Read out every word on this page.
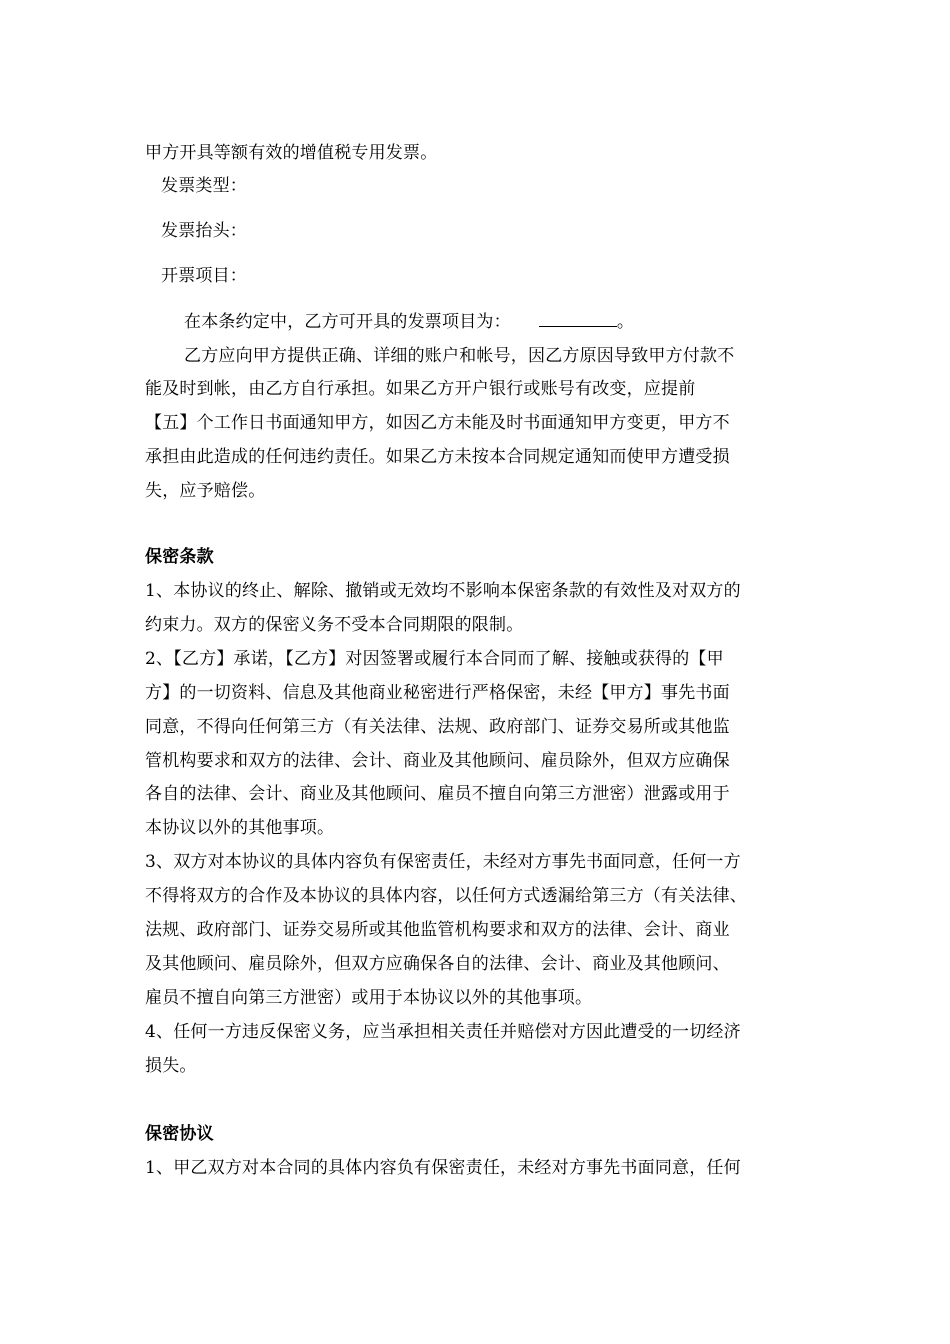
甲方开具等额有效的增值税专用发票。
发票类型：
发票抬头：
开票项目：
在本条约定中，乙方可开具的发票项目为：	。
乙方应向甲方提供正确、详细的账户和帐号，因乙方原因导致甲方付款不
能及时到帐，由乙方自行承担。如果乙方开户银行或账号有改变，应提前
【五】个工作日书面通知甲方，如因乙方未能及时书面通知甲方变更，甲方不
承担由此造成的任何违约责任。如果乙方未按本合同规定通知而使甲方遭受损
失，应予赔偿。
保密条款
1、本协议的终止、解除、撤销或无效均不影响本保密条款的有效性及对双方的
约束力。双方的保密义务不受本合同期限的限制。
2、【乙方】承诺，【乙方】对因签署或履行本合同而了解、接触或获得的【甲
方】的一切资料、信息及其他商业秘密进行严格保密，未经【甲方】事先书面
同意，不得向任何第三方（有关法律、法规、政府部门、证券交易所或其他监
管机构要求和双方的法律、会计、商业及其他顾问、雇员除外，但双方应确保
各自的法律、会计、商业及其他顾问、雇员不擅自向第三方泄密）泄露或用于
本协议以外的其他事项。
3、双方对本协议的具体内容负有保密责任，未经对方事先书面同意，任何一方
不得将双方的合作及本协议的具体内容，以任何方式透漏给第三方（有关法律、
法规、政府部门、证券交易所或其他监管机构要求和双方的法律、会计、商业
及其他顾问、雇员除外，但双方应确保各自的法律、会计、商业及其他顾问、
雇员不擅自向第三方泄密）或用于本协议以外的其他事项。
4、任何一方违反保密义务，应当承担相关责任并赔偿对方因此遭受的一切经济
损失。
保密协议
1、甲乙双方对本合同的具体内容负有保密责任，未经对方事先书面同意，任何
